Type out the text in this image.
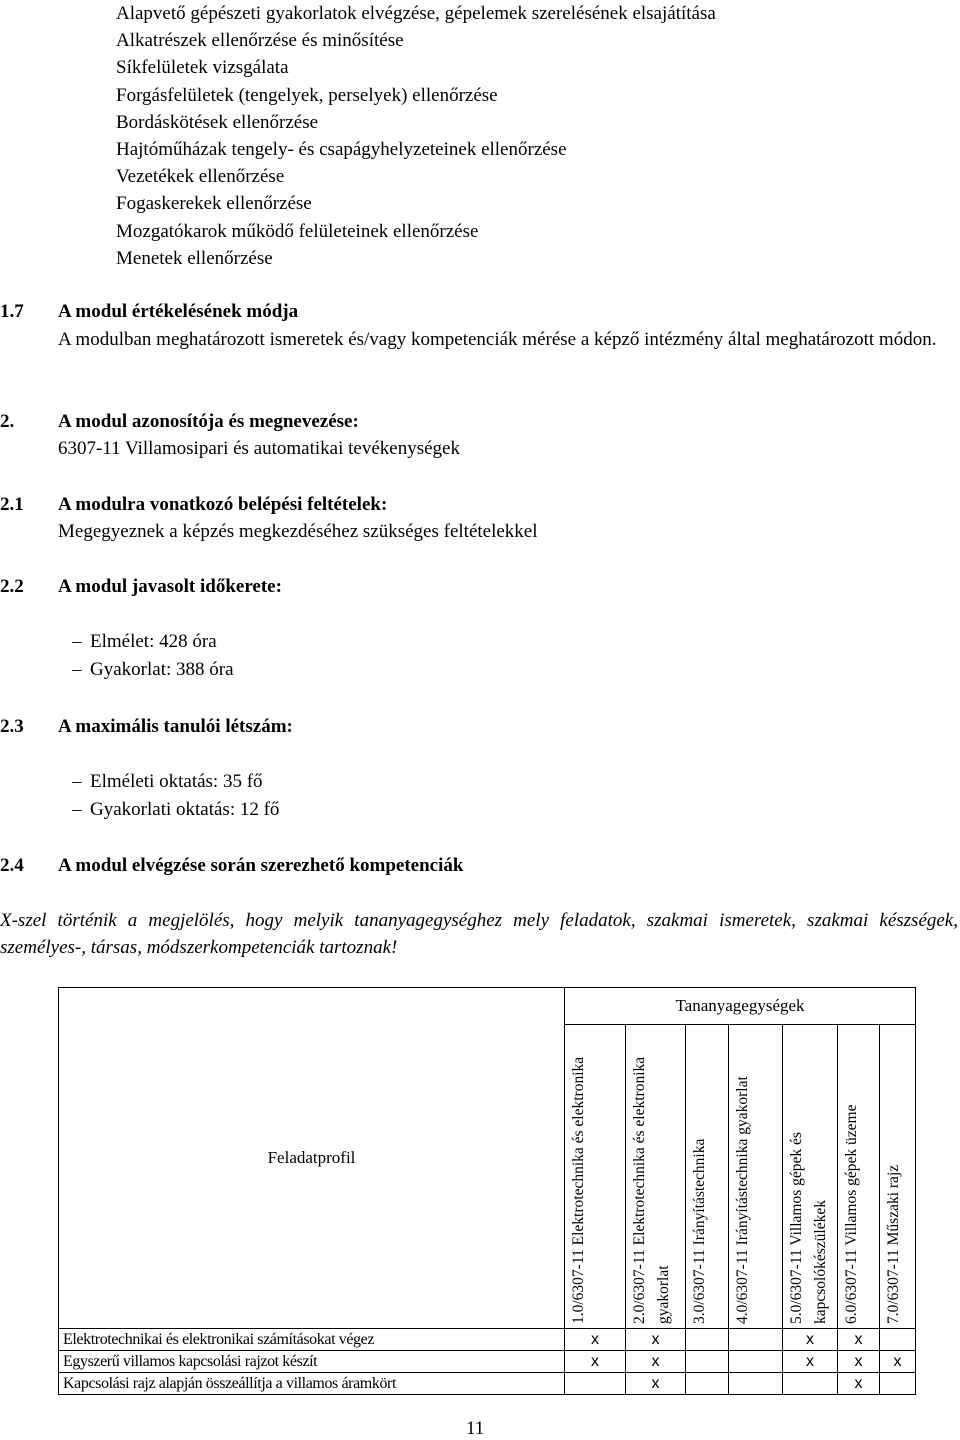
Alapvető gépészeti gyakorlatok elvégzése, gépelemek szerelésének elsajátítása
Alkatrészek ellenőrzése és minősítése
Síkfelületek vizsgálata
Forgásfelületek (tengelyek, perselyek) ellenőrzése
Bordáskötések ellenőrzése
Hajtóműházak tengely- és csapágyhelyzeteinek ellenőrzése
Vezetékek ellenőrzése
Fogaskerekek ellenőrzése
Mozgatókarok működő felületeinek ellenőrzése
Menetek ellenőrzése
1.7 A modul értékelésének módja
A modulban meghatározott ismeretek és/vagy kompetenciák mérése a képző intézmény által meghatározott módon.
2. A modul azonosítója és megnevezése:
6307-11 Villamosipari és automatikai tevékenységek
2.1 A modulra vonatkozó belépési feltételek:
Megegyeznek a képzés megkezdéséhez szükséges feltételekkel
2.2 A modul javasolt időkerete:
– Elmélet: 428 óra
– Gyakorlat: 388 óra
2.3 A maximális tanulói létszám:
– Elméleti oktatás: 35 fő
– Gyakorlati oktatás: 12 fő
2.4 A modul elvégzése során szerezhető kompetenciák
X-szel történik a megjelölés, hogy melyik tananyagegységhez mely feladatok, szakmai ismeretek, szakmai készségek, személyes-, társas, módszerkompetenciák tartoznak!
Feladatprofil	Tananyagegységek						

	1.0/6307-11 Elektrotechnika és elektronika	2.0/6307-11 Elektrotechnika és elektronika gyakorlat	3.0/6307-11 Irányítástechnika	4.0/6307-11 Irányítástechnika gyakorlat	5.0/6307-11 Villamos gépek és kapcsolókészülékek	6.0/6307-11 Villamos gépek üzeme	7.0/6307-11 Műszaki rajz

Elektrotechnikai és elektronikai számításokat végez	x	x			x	x	
Egyszerű villamos kapcsolási rajzot készít	x	x			x	x	x
Kapcsolási rajz alapján összeállítja a villamos áramkört		x				x	
11
